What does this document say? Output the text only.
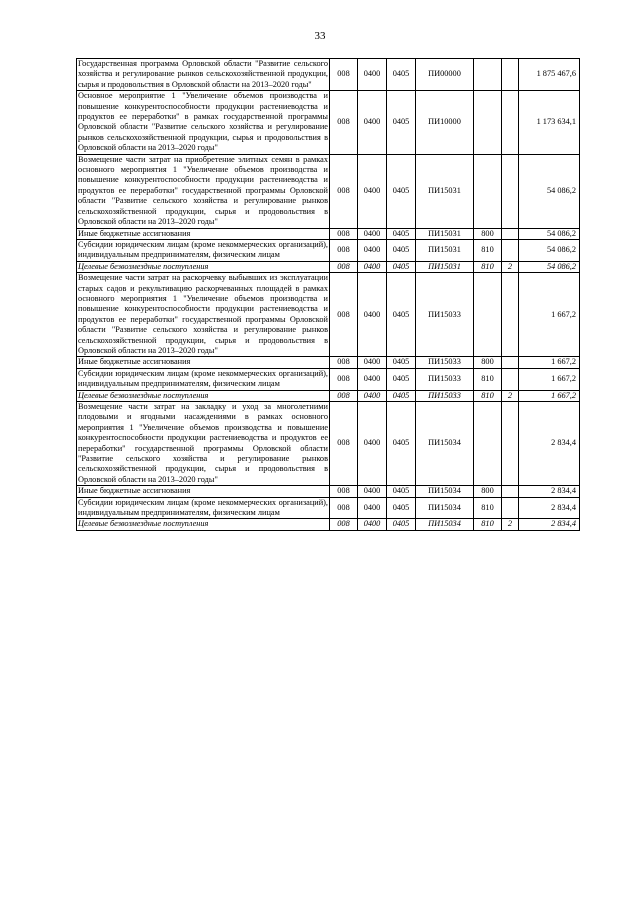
33
Государственная программа Орловской области "Развитие сельского хозяйства и регулирование рынков сельскохозяйственной продукции, сырья и продовольствия в Орловской области на 2013–2020 годы"	008	0400	0405	ПИ00000			1 875 467,6
Основное мероприятие 1 "Увеличение объемов производства и повышение конкурентоспособности продукции растениеводства и продуктов ее переработки" в рамках государственной программы Орловской области "Развитие сельского хозяйства и регулирование рынков сельскохозяйственной продукции, сырья и продовольствия в Орловской области на 2013–2020 годы"	008	0400	0405	ПИ10000			1 173 634,1
Возмещение части затрат на приобретение элитных семян в рамках основного мероприятия 1 "Увеличение объемов производства и повышение конкурентоспособности продукции растениеводства и продуктов ее переработки" государственной программы Орловской области "Развитие сельского хозяйства и регулирование рынков сельскохозяйственной продукции, сырья и продовольствия в Орловской области на 2013–2020 годы"	008	0400	0405	ПИ15031			54 086,2
Иные бюджетные ассигнования	008	0400	0405	ПИ15031	800		54 086,2
Субсидии юридическим лицам (кроме некоммерческих организаций), индивидуальным предпринимателям, физическим лицам	008	0400	0405	ПИ15031	810		54 086,2
Целевые безвозмездные поступления	008	0400	0405	ПИ15031	810	2	54 086,2
Возмещение части затрат на раскорчевку выбывших из эксплуатации старых садов и рекультивацию раскорчеванных площадей в рамках основного мероприятия 1 "Увеличение объемов производства и повышение конкурентоспособности продукции растениеводства и продуктов ее переработки" государственной программы Орловской области "Развитие сельского хозяйства и регулирование рынков сельскохозяйственной продукции, сырья и продовольствия в Орловской области на 2013–2020 годы"	008	0400	0405	ПИ15033			1 667,2
Иные бюджетные ассигнования	008	0400	0405	ПИ15033	800		1 667,2
Субсидии юридическим лицам (кроме некоммерческих организаций), индивидуальным предпринимателям, физическим лицам	008	0400	0405	ПИ15033	810		1 667,2
Целевые безвозмездные поступления	008	0400	0405	ПИ15033	810	2	1 667,2
Возмещение части затрат на закладку и уход за многолетними плодовыми и ягодными насаждениями в рамках основного мероприятия 1 "Увеличение объемов производства и повышение конкурентоспособности продукции растениеводства и продуктов ее переработки" государственной программы Орловской области "Развитие сельского хозяйства и регулирование рынков сельскохозяйственной продукции, сырья и продовольствия в Орловской области на 2013–2020 годы"	008	0400	0405	ПИ15034			2 834,4
Иные бюджетные ассигнования	008	0400	0405	ПИ15034	800		2 834,4
Субсидии юридическим лицам (кроме некоммерческих организаций), индивидуальным предпринимателям, физическим лицам	008	0400	0405	ПИ15034	810		2 834,4
Целевые безвозмездные поступления	008	0400	0405	ПИ15034	810	2	2 834,4
